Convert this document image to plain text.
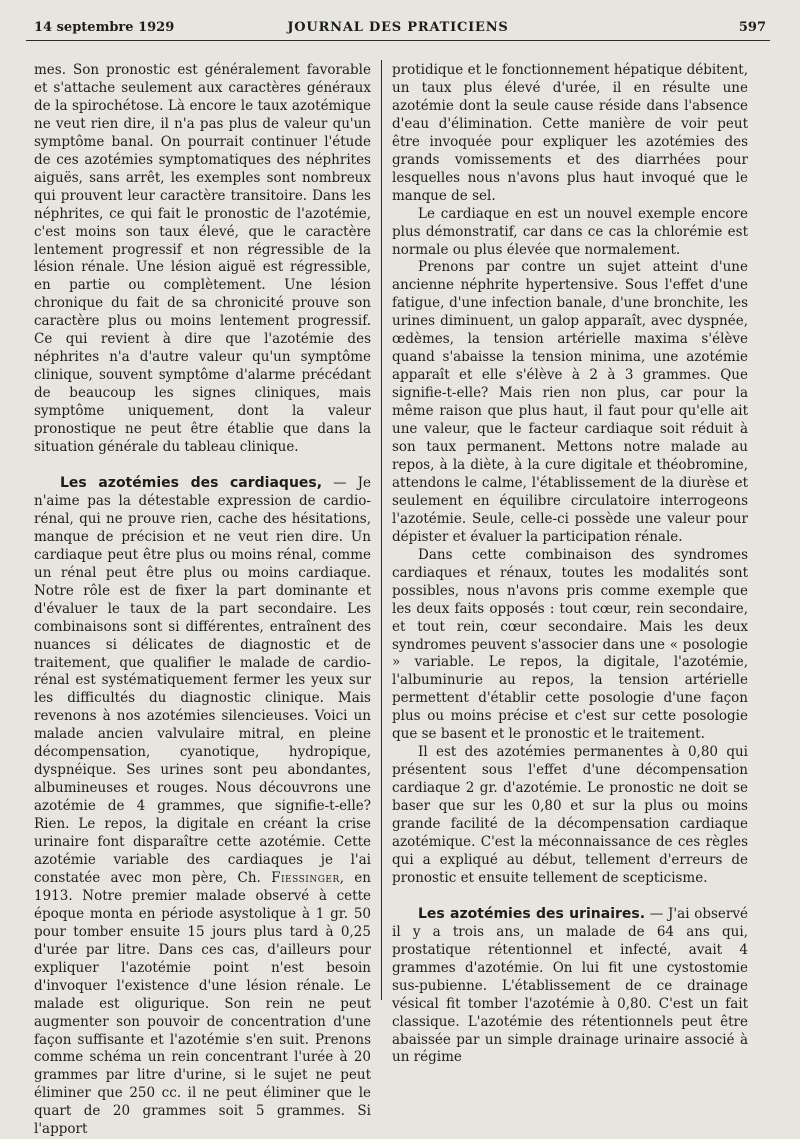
14 septembre 1929	JOURNAL DES PRATICIENS	597

mes. Son pronostic est généralement favorable et s'attache seulement aux caractères généraux de la spirochétose. Là encore le taux azotémique ne veut rien dire, il n'a pas plus de valeur qu'un symptôme banal. On pourrait continuer l'étude de ces azotémies symptomatiques des néphrites aiguës, sans arrêt, les exemples sont nombreux qui prouvent leur caractère transitoire. Dans les néphrites, ce qui fait le pronostic de l'azotémie, c'est moins son taux élevé, que le caractère lentement progressif et non régressible de la lésion rénale. Une lésion aiguë est régressible, en partie ou complètement. Une lésion chronique du fait de sa chronicité prouve son caractère plus ou moins lentement progressif. Ce qui revient à dire que l'azotémie des néphrites n'a d'autre valeur qu'un symptôme clinique, souvent symptôme d'alarme précédant de beaucoup les signes cliniques, mais symptôme uniquement, dont la valeur pronostique ne peut être établie que dans la situation générale du tableau clinique.

Les azotémies des cardiaques, — Je n'aime pas la détestable expression de cardio-rénal, qui ne prouve rien, cache des hésitations, manque de précision et ne veut rien dire. Un cardiaque peut être plus ou moins rénal, comme un rénal peut être plus ou moins cardiaque. Notre rôle est de fixer la part dominante et d'évaluer le taux de la part secondaire. Les combinaisons sont si différentes, entraînent des nuances si délicates de diagnostic et de traitement, que qualifier le malade de cardio-rénal est systématiquement fermer les yeux sur les difficultés du diagnostic clinique. Mais revenons à nos azotémies silencieuses. Voici un malade ancien valvulaire mitral, en pleine décompensation, cyanotique, hydropique, dyspnéique. Ses urines sont peu abondantes, albumineuses et rouges. Nous découvrons une azotémie de 4 grammes, que signifie-t-elle? Rien. Le repos, la digitale en créant la crise urinaire font disparaître cette azotémie. Cette azotémie variable des cardiaques je l'ai constatée avec mon père, Ch. Fiessinger, en 1913. Notre premier malade observé à cette époque monta en période asystolique à 1 gr. 50 pour tomber ensuite 15 jours plus tard à 0,25 d'urée par litre. Dans ces cas, d'ailleurs pour expliquer l'azotémie point n'est besoin d'invoquer l'existence d'une lésion rénale. Le malade est oligurique. Son rein ne peut augmenter son pouvoir de concentration d'une façon suffisante et l'azotémie s'en suit. Prenons comme schéma un rein concentrant l'urée à 20 grammes par litre d'urine, si le sujet ne peut éliminer que 250 cc. il ne peut éliminer que le quart de 20 grammes soit 5 grammes. Si l'apport

protidique et le fonctionnement hépatique débitent, un taux plus élevé d'urée, il en résulte une azotémie dont la seule cause réside dans l'absence d'eau d'élimination. Cette manière de voir peut être invoquée pour expliquer les azotémies des grands vomissements et des diarrhées pour lesquelles nous n'avons plus haut invoqué que le manque de sel.

Le cardiaque en est un nouvel exemple encore plus démonstratif, car dans ce cas la chlorémie est normale ou plus élevée que normalement.

Prenons par contre un sujet atteint d'une ancienne néphrite hypertensive. Sous l'effet d'une fatigue, d'une infection banale, d'une bronchite, les urines diminuent, un galop apparaît, avec dyspnée, œdèmes, la tension artérielle maxima s'élève quand s'abaisse la tension minima, une azotémie apparaît et elle s'élève à 2 à 3 grammes. Que signifie-t-elle? Mais rien non plus, car pour la même raison que plus haut, il faut pour qu'elle ait une valeur, que le facteur cardiaque soit réduit à son taux permanent. Mettons notre malade au repos, à la diète, à la cure digitale et théobromine, attendons le calme, l'établissement de la diurèse et seulement en équilibre circulatoire interrogeons l'azotémie. Seule, celle-ci possède une valeur pour dépister et évaluer la participation rénale.

Dans cette combinaison des syndromes cardiaques et rénaux, toutes les modalités sont possibles, nous n'avons pris comme exemple que les deux faits opposés : tout cœur, rein secondaire, et tout rein, cœur secondaire. Mais les deux syndromes peuvent s'associer dans une « posologie » variable. Le repos, la digitale, l'azotémie, l'albuminurie au repos, la tension artérielle permettent d'établir cette posologie d'une façon plus ou moins précise et c'est sur cette posologie que se basent et le pronostic et le traitement.

Il est des azotémies permanentes à 0,80 qui présentent sous l'effet d'une décompensation cardiaque 2 gr. d'azotémie. Le pronostic ne doit se baser que sur les 0,80 et sur la plus ou moins grande facilité de la décompensation cardiaque azotémique. C'est la méconnaissance de ces règles qui a expliqué au début, tellement d'erreurs de pronostic et ensuite tellement de scepticisme.

Les azotémies des urinaires. — J'ai observé il y a trois ans, un malade de 64 ans qui, prostatique rétentionnel et infecté, avait 4 grammes d'azotémie. On lui fit une cystostomie sus-pubienne. L'établissement de ce drainage vésical fit tomber l'azotémie à 0,80. C'est un fait classique. L'azotémie des rétentionnels peut être abaissée par un simple drainage urinaire associé à un régime
